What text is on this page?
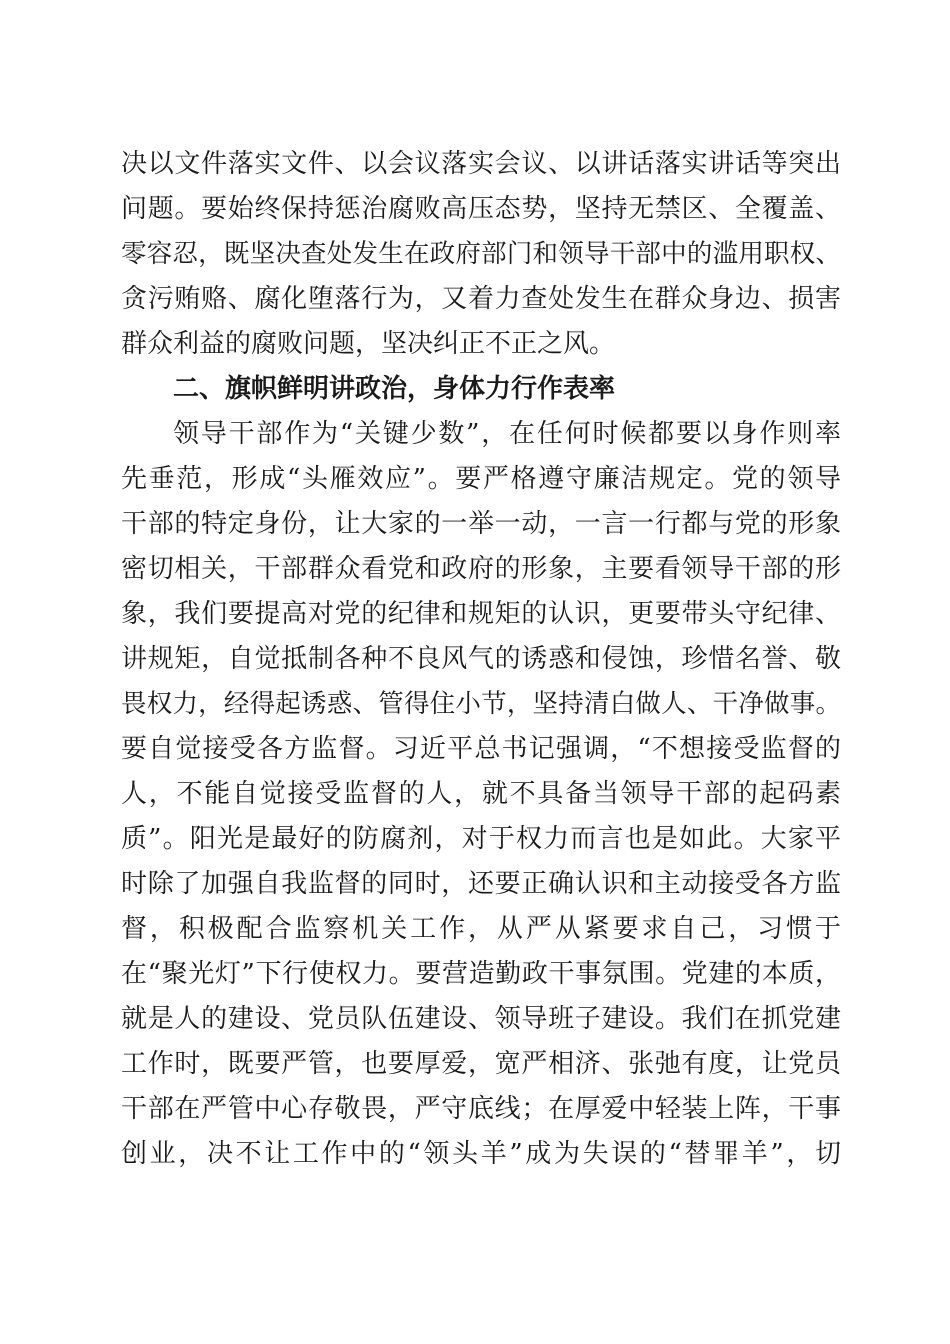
决以文件落实文件、以会议落实会议、以讲话落实讲话等突出
问题。要始终保持惩治腐败高压态势，坚持无禁区、全覆盖、
零容忍，既坚决查处发生在政府部门和领导干部中的滥用职权、
贪污贿赂、腐化堕落行为，又着力查处发生在群众身边、损害
群众利益的腐败问题，坚决纠正不正之风。
二、旗帜鲜明讲政治，身体力行作表率
领导干部作为“关键少数”，在任何时候都要以身作则率
先垂范，形成“头雁效应”。要严格遵守廉洁规定。党的领导
干部的特定身份，让大家的一举一动，一言一行都与党的形象
密切相关，干部群众看党和政府的形象，主要看领导干部的形
象，我们要提高对党的纪律和规矩的认识，更要带头守纪律、
讲规矩，自觉抵制各种不良风气的诱惑和侵蚀，珍惜名誉、敬
畏权力，经得起诱惑、管得住小节，坚持清白做人、干净做事。
要自觉接受各方监督。习近平总书记强调，“不想接受监督的
人，不能自觉接受监督的人，就不具备当领导干部的起码素
质”。阳光是最好的防腐剂，对于权力而言也是如此。大家平
时除了加强自我监督的同时，还要正确认识和主动接受各方监
督，积极配合监察机关工作，从严从紧要求自己，习惯于
在“聚光灯”下行使权力。要营造勤政干事氛围。党建的本质，
就是人的建设、党员队伍建设、领导班子建设。我们在抓党建
工作时，既要严管，也要厚爱，宽严相济、张弛有度，让党员
干部在严管中心存敬畏，严守底线；在厚爱中轻装上阵，干事
创业，决不让工作中的“领头羊”成为失误的“替罪羊”，切
